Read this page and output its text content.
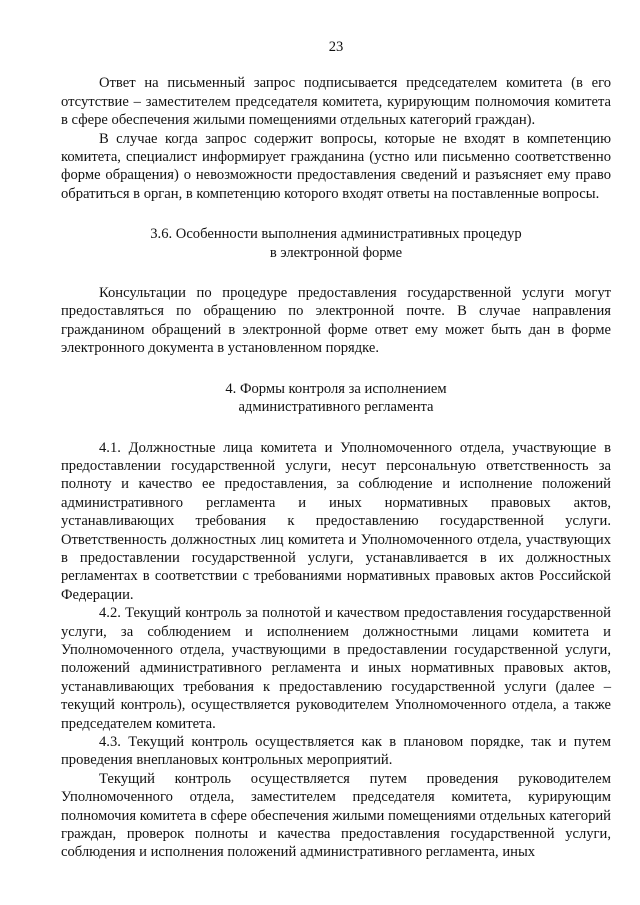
23

Ответ на письменный запрос подписывается председателем комитета (в его отсутствие – заместителем председателя комитета, курирующим полномочия комитета в сфере обеспечения жилыми помещениями отдельных категорий граждан).

В случае когда запрос содержит вопросы, которые не входят в компетенцию комитета, специалист информирует гражданина (устно или письменно соответственно форме обращения) о невозможности предоставления сведений и разъясняет ему право обратиться в орган, в компетенцию которого входят ответы на поставленные вопросы.

3.6. Особенности выполнения административных процедур
в электронной форме

Консультации по процедуре предоставления государственной услуги могут предоставляться по обращению по электронной почте. В случае направления гражданином обращений в электронной форме ответ ему может быть дан в форме электронного документа в установленном порядке.

4. Формы контроля за исполнением
административного регламента

4.1. Должностные лица комитета и Уполномоченного отдела, участвующие в предоставлении государственной услуги, несут персональную ответственность за полноту и качество ее предоставления, за соблюдение и исполнение положений административного регламента и иных нормативных правовых актов, устанавливающих требования к предоставлению государственной услуги. Ответственность должностных лиц комитета и Уполномоченного отдела, участвующих в предоставлении государственной услуги, устанавливается в их должностных регламентах в соответствии с требованиями нормативных правовых актов Российской Федерации.

4.2. Текущий контроль за полнотой и качеством предоставления государственной услуги, за соблюдением и исполнением должностными лицами комитета и Уполномоченного отдела, участвующими в предоставлении государственной услуги, положений административного регламента и иных нормативных правовых актов, устанавливающих требования к предоставлению государственной услуги (далее – текущий контроль), осуществляется руководителем Уполномоченного отдела, а также председателем комитета.

4.3. Текущий контроль осуществляется как в плановом порядке, так и путем проведения внеплановых контрольных мероприятий.

Текущий контроль осуществляется путем проведения руководителем Уполномоченного отдела, заместителем председателя комитета, курирующим полномочия комитета в сфере обеспечения жилыми помещениями отдельных категорий граждан, проверок полноты и качества предоставления государственной услуги, соблюдения и исполнения положений административного регламента, иных
